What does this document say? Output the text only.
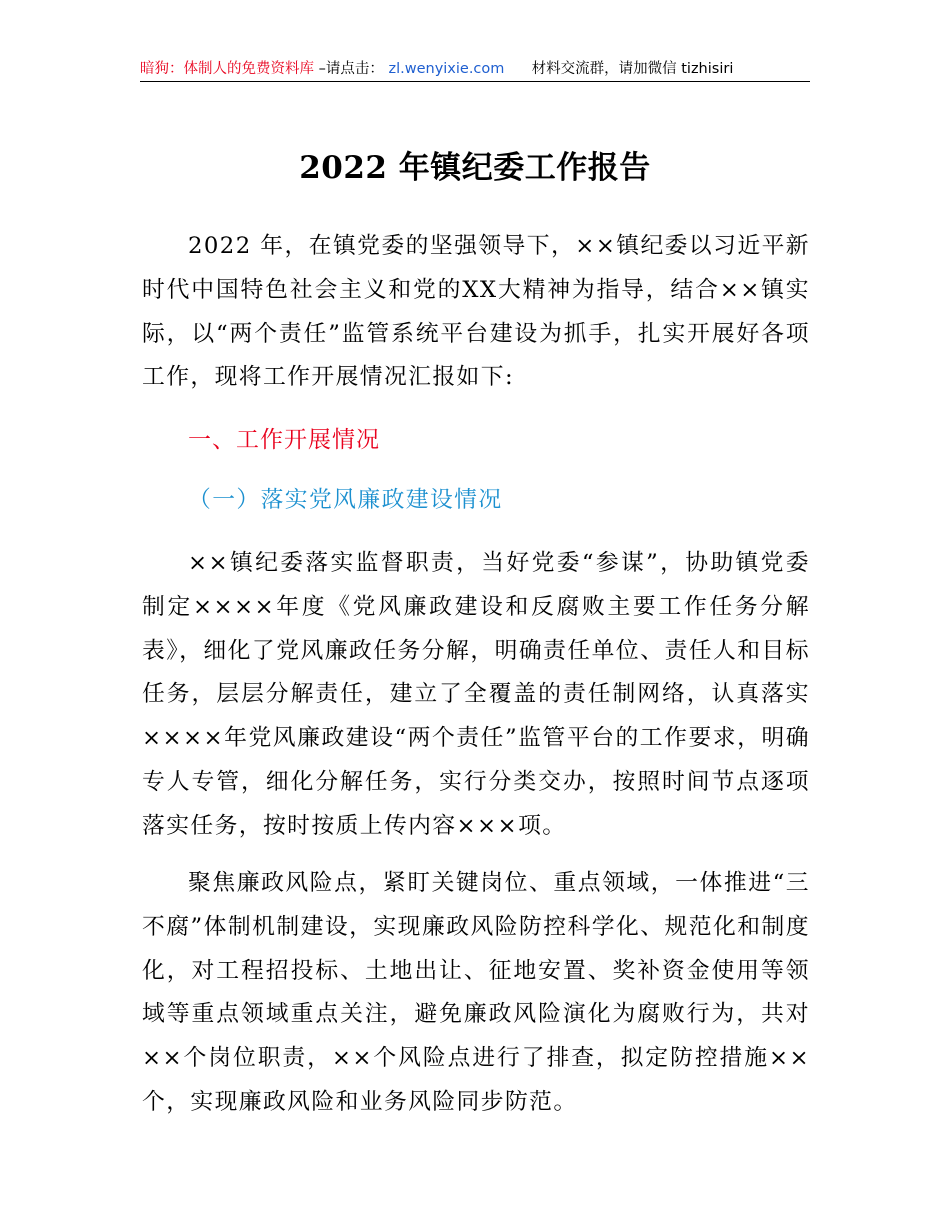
暗狗：体制人的免费资料库 –请点击： zl.wenyixie.com 材料交流群，请加微信 tizhisiri
2022 年镇纪委工作报告

2022 年，在镇党委的坚强领导下，××镇纪委以习近平新时代中国特色社会主义和党的XX大精神为指导，结合××镇实际，以“两个责任”监管系统平台建设为抓手，扎实开展好各项工作，现将工作开展情况汇报如下:

一、工作开展情况
（一）落实党风廉政建设情况

××镇纪委落实监督职责，当好党委“参谋”，协助镇党委制定××××年度《党风廉政建设和反腐败主要工作任务分解表》，细化了党风廉政任务分解，明确责任单位、责任人和目标任务，层层分解责任，建立了全覆盖的责任制网络，认真落实××××年党风廉政建设“两个责任”监管平台的工作要求，明确专人专管，细化分解任务，实行分类交办，按照时间节点逐项落实任务，按时按质上传内容×××项。

聚焦廉政风险点，紧盯关键岗位、重点领域，一体推进“三不腐”体制机制建设，实现廉政风险防控科学化、规范化和制度化，对工程招投标、土地出让、征地安置、奖补资金使用等领域等重点领域重点关注，避免廉政风险演化为腐败行为，共对××个岗位职责，××个风险点进行了排查，拟定防控措施××个，实现廉政风险和业务风险同步防范。
